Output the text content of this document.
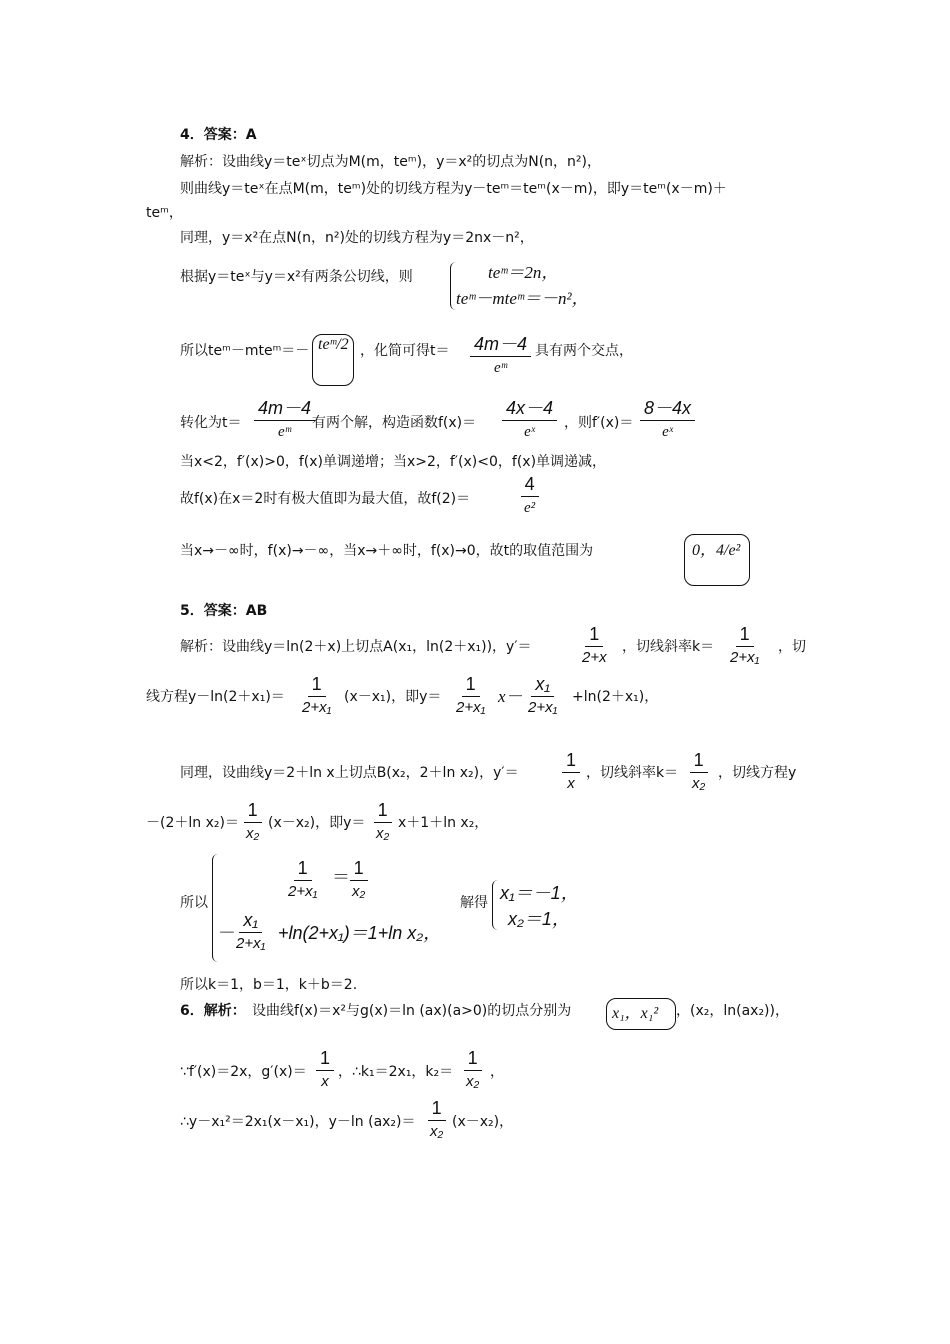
4．答案：A
解析：设曲线y＝teˣ切点为M(m，teᵐ)，y＝x²的切点为N(n，n²)，
则曲线y＝teˣ在点M(m，teᵐ)处的切线方程为y－teᵐ＝teᵐ(x－m)，即y＝teᵐ(x－m)＋
teᵐ，
同理，y＝x²在点N(n，n²)处的切线方程为y＝2nx－n²，
根据y＝teˣ与y＝x²有两条公切线，则	teᵐ＝2n，
teᵐ－mteᵐ＝－n²，
所以teᵐ－mteᵐ＝－ teᵐ/2 ，化简可得$t= \frac{4m-4}{\text{eᵐ}}$ 具有两个交点，
转化为$t= \frac{4m-4}{\text{eᵐ}}$
有两个解，构造函数$f(x)= \frac{4x-4}{\text{eˣ}}$ ，则$f'(x)= \frac{8-4x}{\text{eˣ}}$
当x<2，f′(x)>0，f(x)单调递增；当x>2，f′(x)<0，f(x)单调递减，
故f(x)在x＝2时有极大值即为最大值，故f(2)＝	$\frac{4}{\text{e²}}$
当x→－∞时，f(x)→－∞，当x→＋∞时，f(x)→0，故t的取值范围为	0，4/e²
5．答案：AB
解析：设曲线y＝ln(2＋x)上切点A(x₁，ln(2＋x₁))，y′＝	$\frac{1}{2+x}$ ，切线斜率$k= \frac{1}{\text{2+x₁}}$ ，切
线方程$y-\ln(2+x_1)= \frac{1}{\text{2+x₁}} (x-x_1)$，即$y= \frac{1}{\text{2+x₁}} x- \frac{\text{x₁}}{\text{2+x₁}} +\ln(2+x_1)$，
同理，设曲线y＝2＋ln x上切点B(x₂，2＋ln x₂)，$y'= \frac{1}{x}$ ，切线斜率$k= \frac{1}{\text{x₂}}$ ，切线方程y
－(2＋ln $x_2)= \frac{1}{\text{x₂}} (x-x_2)$，即$y= \frac{1}{\text{x₂}} x+1+\ln$ x₂，
所以
$\frac{1}{\text{2+x₁}}$ ＝
$\frac{1}{\text{x₂}}$
－
$\frac{\text{x₁}}{\text{2+x₁}} +\ln(2+x_1)=1+\ln$ x₂，
解得 x₁＝－1，
x₂＝1，
所以k＝1，b＝1，k＋b＝2.
6．解析： 设曲线f(x)＝x²与g(x)＝ln (ax)(a>0)的切点分别为	x₁，x₁² ，(x₂，ln(ax₂))，
∵f′(x)＝2x，$g'(x)= \frac{1}{x}$ ，∴k₁＝2x₁，$k_2= \frac{1}{\text{x₂}}$ ，
∴y－x₁²＝2x₁(x－x₁)，y－ln $(ax_2)= \frac{1}{\text{x₂}} (x-x_2)$，
